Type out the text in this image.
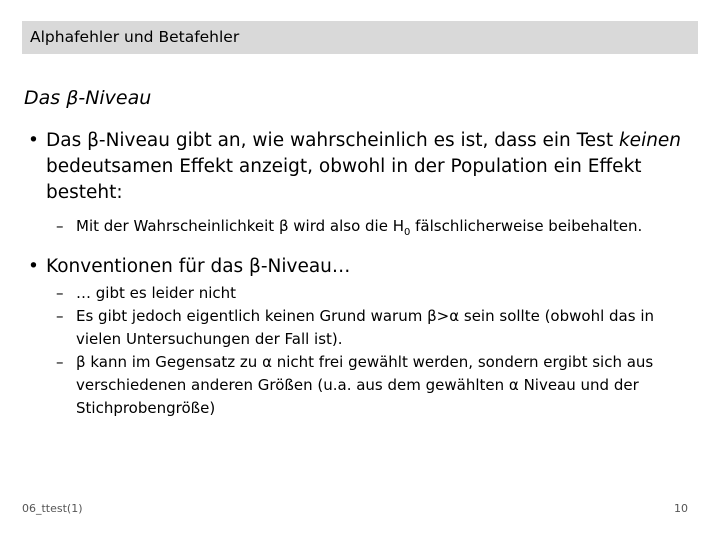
Alphafehler und Betafehler
Das β-Niveau
• Das β-Niveau gibt an, wie wahrscheinlich es ist, dass ein Test keinen bedeutsamen Effekt anzeigt, obwohl in der Population ein Effekt besteht:
– Mit der Wahrscheinlichkeit β wird also die $H_0$ fälschlicherweise beibehalten.
• Konventionen für das β-Niveau…
– … gibt es leider nicht
– Es gibt jedoch eigentlich keinen Grund warum β>α sein sollte (obwohl das in vielen Untersuchungen der Fall ist).
– β kann im Gegensatz zu α nicht frei gewählt werden, sondern ergibt sich aus verschiedenen anderen Größen (u.a. aus dem gewählten α Niveau und der Stichprobengröße)
06_ttest(1)	10
